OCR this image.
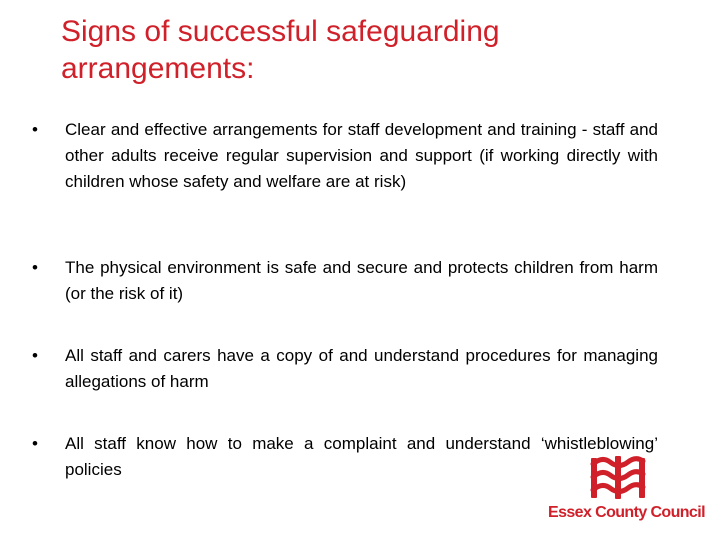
Signs of successful safeguarding arrangements:
• Clear and effective arrangements for staff development and training - staff and other adults receive regular supervision and support (if working directly with children whose safety and welfare are at risk)
• The physical environment is safe and secure and protects children from harm (or the risk of it)
• All staff and carers have a copy of and understand procedures for managing allegations of harm
• All staff know how to make a complaint and understand ‘whistleblowing’ policies
Essex County Council
